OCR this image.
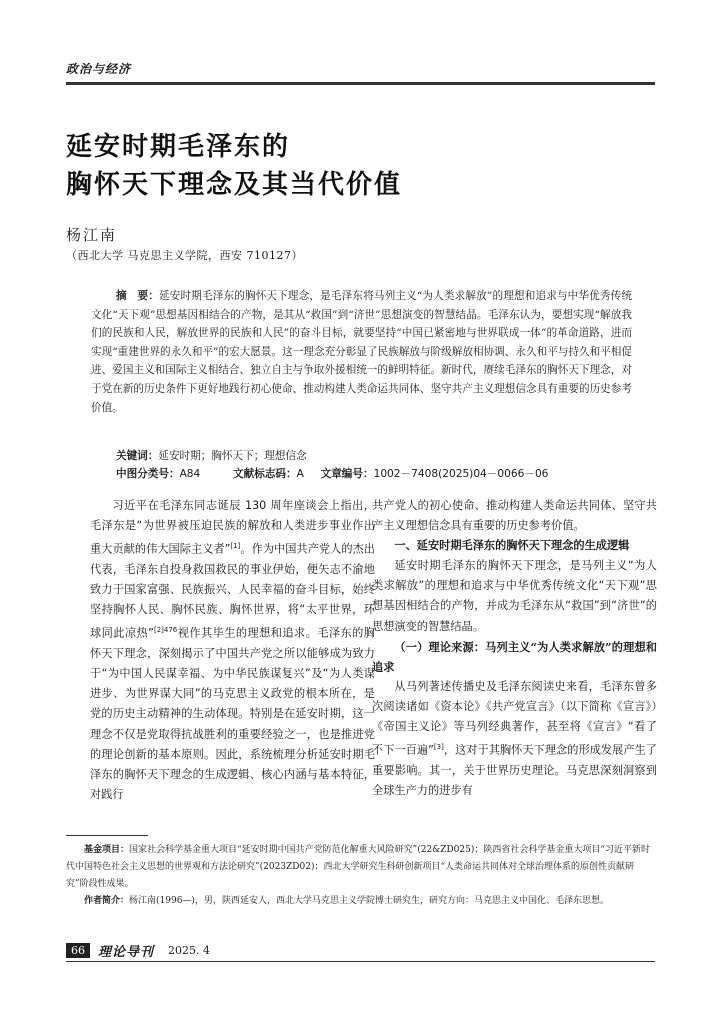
政治与经济
延安时期毛泽东的
胸怀天下理念及其当代价值
杨江南
（西北大学 马克思主义学院，西安 710127）
摘　要：延安时期毛泽东的胸怀天下理念，是毛泽东将马列主义“为人类求解放”的理想和追求与中华优秀传统文化“天下观”思想基因相结合的产物，是其从“救国”到“济世”思想演变的智慧结晶。毛泽东认为，要想实现“解放我们的民族和人民，解放世界的民族和人民”的奋斗目标，就要坚持“中国已紧密地与世界联成一体”的革命道路，进而实现“重建世界的永久和平”的宏大愿景。这一理念充分彰显了民族解放与阶级解放相协调、永久和平与持久和平相促进、爱国主义和国际主义相结合、独立自主与争取外援相统一的鲜明特征。新时代，赓续毛泽东的胸怀天下理念，对于党在新的历史条件下更好地践行初心使命、推动构建人类命运共同体、坚守共产主义理想信念具有重要的历史参考价值。
关键词：延安时期；胸怀天下；理想信念
中图分类号：A84	文献标志码：A 文章编号：1002－7408(2025)04－0066－06

习近平在毛泽东同志诞辰 130 周年座谈会上指出，毛泽东是“为世界被压迫民族的解放和人类进步事业作出重大贡献的伟大国际主义者”[1]。作为中国共产党人的杰出代表，毛泽东自投身救国救民的事业伊始，便矢志不渝地致力于国家富强、民族振兴、人民幸福的奋斗目标，始终坚持胸怀人民、胸怀民族、胸怀世界，将“太平世界，环球同此凉热”$^{[2]476}$视作其毕生的理想和追求。毛泽东的胸怀天下理念，深刻揭示了中国共产党之所以能够成为致力于“为中国人民谋幸福、为中华民族谋复兴”及“为人类谋进步、为世界谋大同”的马克思主义政党的根本所在，是党的历史主动精神的生动体现。特别是在延安时期，这一理念不仅是党取得抗战胜利的重要经验之一，也是推进党的理论创新的基本原则。因此，系统梳理分析延安时期毛泽东的胸怀天下理念的生成逻辑、核心内涵与基本特征，对践行

共产党人的初心使命、推动构建人类命运共同体、坚守共产主义理想信念具有重要的历史参考价值。

一、延安时期毛泽东的胸怀天下理念的生成逻辑

延安时期毛泽东的胸怀天下理念，是马列主义“为人类求解放”的理想和追求与中华优秀传统文化“天下观”思想基因相结合的产物，并成为毛泽东从“救国”到“济世”的思想演变的智慧结晶。

（一）理论来源：马列主义“为人类求解放”的理想和追求

从马列著述传播史及毛泽东阅读史来看，毛泽东曾多次阅读诸如《资本论》《共产党宣言》（以下简称《宣言》）《帝国主义论》等马列经典著作，甚至将《宣言》“看了不下一百遍”[3]，这对于其胸怀天下理念的形成发展产生了重要影响。其一，关于世界历史理论。马克思深刻洞察到全球生产力的进步有

基金项目：国家社会科学基金重大项目“延安时期中国共产党防范化解重大风险研究”(22&ZD025)；陕西省社会科学基金重大项目“习近平新时代中国特色社会主义思想的世界观和方法论研究”(2023ZD02)；西北大学研究生科研创新项目“人类命运共同体对全球治理体系的原创性贡献研究”阶段性成果。

作者简介：杨江南(1996—)，男，陕西延安人，西北大学马克思主义学院博士研究生，研究方向：马克思主义中国化、毛泽东思想。

66	理论导刊 2025. 4
